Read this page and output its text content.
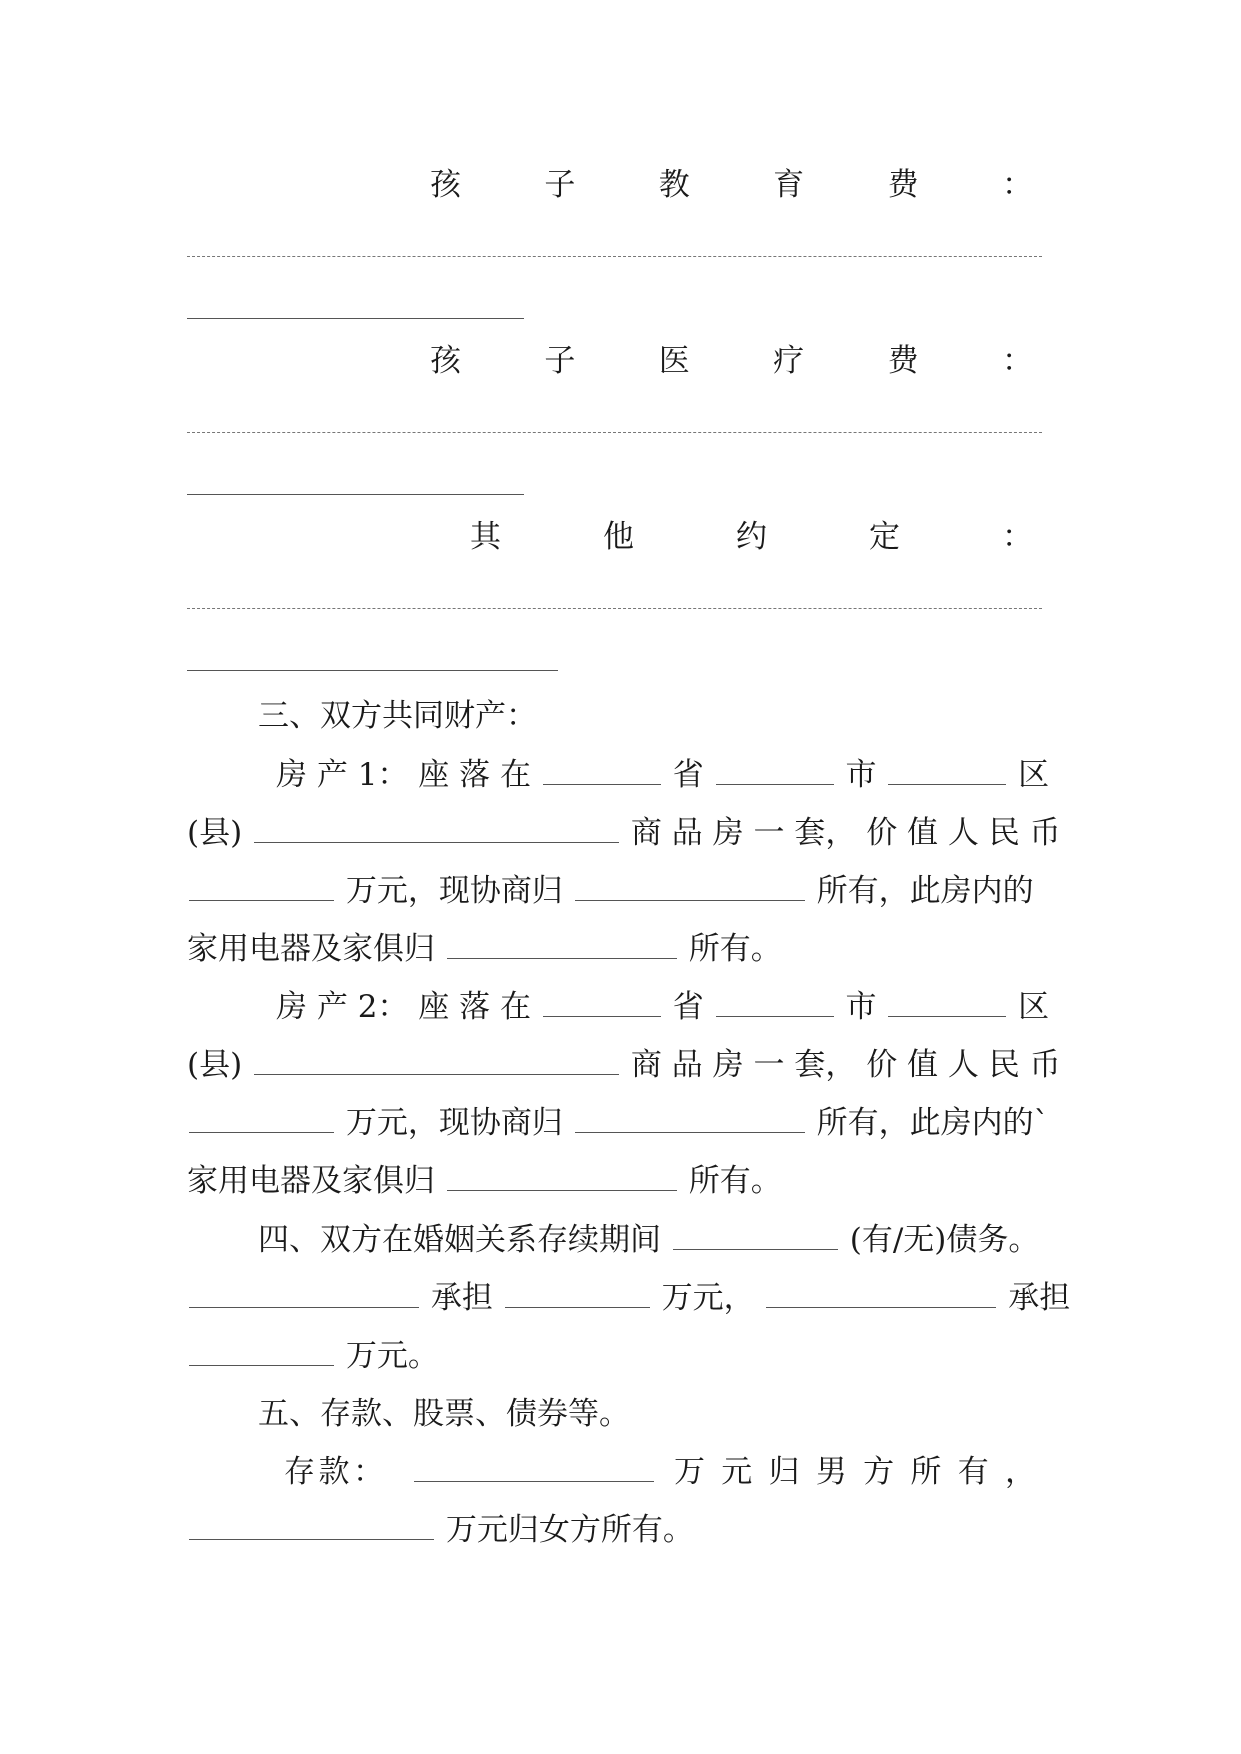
孩	子	教	育	费	：
孩	子	医	疗	费	：
其	他	约	定	：
三、双方共同财产：
房 产 1： 座 落 在	省	市	区
(县)	商 品 房 一 套， 价 值 人 民 币
万元，现协商归	所有，此房内的
家用电器及家俱归	所有。
房 产 2： 座 落 在	省	市	区
(县)	商 品 房 一 套， 价 值 人 民 币
万元，现协商归	所有，此房内的`
家用电器及家俱归	所有。
四、双方在婚姻关系存续期间	(有/无)债务。
承担	万元，	承担
万元。
五、存款、股票、债券等。
存 款 ：	万 元 归 男 方 所 有 ，
万元归女方所有。
